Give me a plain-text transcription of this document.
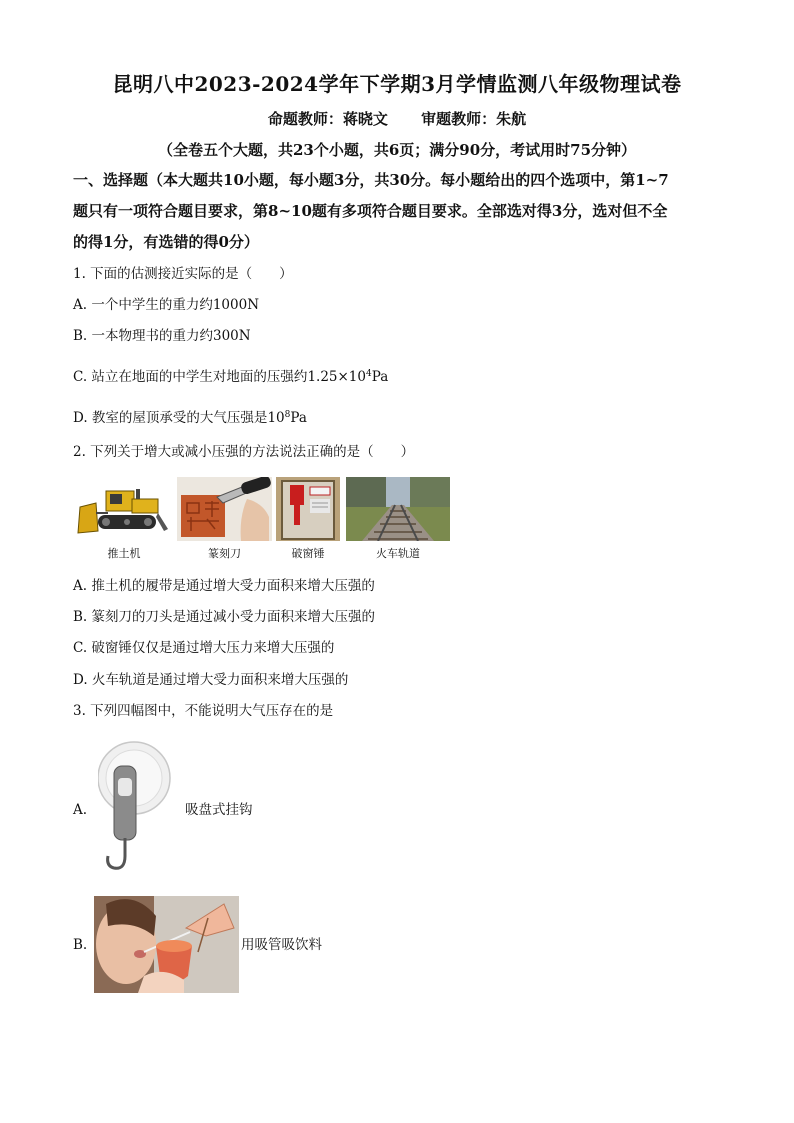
昆明八中2023-2024学年下学期3月学情监测八年级物理试卷
命题教师：蒋晓文 审题教师：朱航
（全卷五个大题，共23个小题，共6页；满分90分，考试用时75分钟）
一、选择题（本大题共10小题，每小题3分，共30分。每小题给出的四个选项中，第1~7
题只有一项符合题目要求，第8~10题有多项符合题目要求。全部选对得3分，选对但不全
的得1分，有选错的得0分）
1. 下面的估测接近实际的是（　　）
A. 一个中学生的重力约1000N
B. 一本物理书的重力约300N
C. 站立在地面的中学生对地面的压强约$1.25\times 10^4Pa$
D. 教室的屋顶承受的大气压强是$10^8Pa$
2. 下列关于增大或减小压强的方法说法正确的是（　　）
推土机	篆刻刀	破窗锤	火车轨道
A. 推土机的履带是通过增大受力面积来增大压强的
B. 篆刻刀的刀头是通过减小受力面积来增大压强的
C. 破窗锤仅仅是通过增大压力来增大压强的
D. 火车轨道是通过增大受力面积来增大压强的
3. 下列四幅图中，不能说明大气压存在的是
A.	吸盘式挂钩
B.	用吸管吸饮料
